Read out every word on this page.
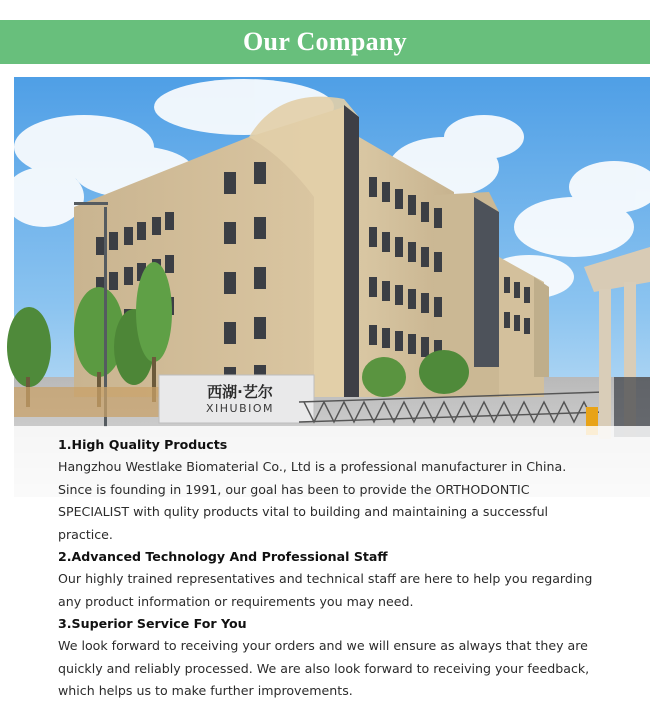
Our Company
西湖·艺尔
XIHUBIOM

1.High Quality Products

Hangzhou Westlake Biomaterial Co., Ltd is a professional manufacturer in China. Since is founding in 1991, our goal has been to provide the ORTHODONTIC SPECIALIST with qulity products vital to building and maintaining a successful practice.

2.Advanced Technology And Professional Staff

Our highly trained representatives and technical staff are here to help you regarding any product information or requirements you may need.

3.Superior Service For You

We look forward to receiving your orders and we will ensure as always that they are quickly and reliably processed. We are also look forward to receiving your feedback, which helps us to make further improvements.
